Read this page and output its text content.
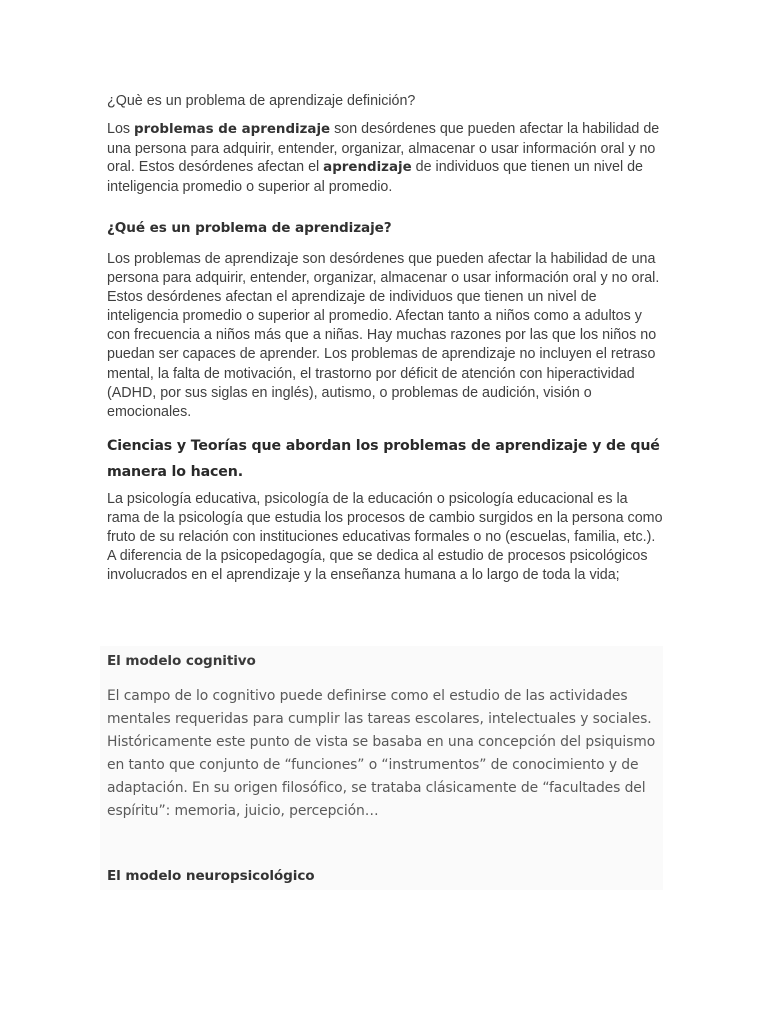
¿Què es un problema de aprendizaje definición?

Los problemas de aprendizaje son desórdenes que pueden afectar la habilidad de una persona para adquirir, entender, organizar, almacenar o usar información oral y no oral. Estos desórdenes afectan el aprendizaje de individuos que tienen un nivel de inteligencia promedio o superior al promedio.

¿Qué es un problema de aprendizaje?

Los problemas de aprendizaje son desórdenes que pueden afectar la habilidad de una persona para adquirir, entender, organizar, almacenar o usar información oral y no oral. Estos desórdenes afectan el aprendizaje de individuos que tienen un nivel de inteligencia promedio o superior al promedio. Afectan tanto a niños como a adultos y con frecuencia a niños más que a niñas. Hay muchas razones por las que los niños no puedan ser capaces de aprender. Los problemas de aprendizaje no incluyen el retraso mental, la falta de motivación, el trastorno por déficit de atención con hiperactividad (ADHD, por sus siglas en inglés), autismo, o problemas de audición, visión o emocionales.

Ciencias y Teorías que abordan los problemas de aprendizaje y de qué manera lo hacen.

La psicología educativa, psicología de la educación o psicología educacional es la rama de la psicología que estudia los procesos de cambio surgidos en la persona como fruto de su relación con instituciones educativas formales o no (escuelas, familia, etc.). A diferencia de la psicopedagogía, que se dedica al estudio de procesos psicológicos involucrados en el aprendizaje y la enseñanza humana a lo largo de toda la vida;

El modelo cognitivo

El campo de lo cognitivo puede definirse como el estudio de las actividades mentales requeridas para cumplir las tareas escolares, intelectuales y sociales. Históricamente este punto de vista se basaba en una concepción del psiquismo en tanto que conjunto de “funciones” o “instrumentos” de conocimiento y de adaptación. En su origen filosófico, se trataba clásicamente de “facultades del espíritu”: memoria, juicio, percepción…

El modelo neuropsicológico
